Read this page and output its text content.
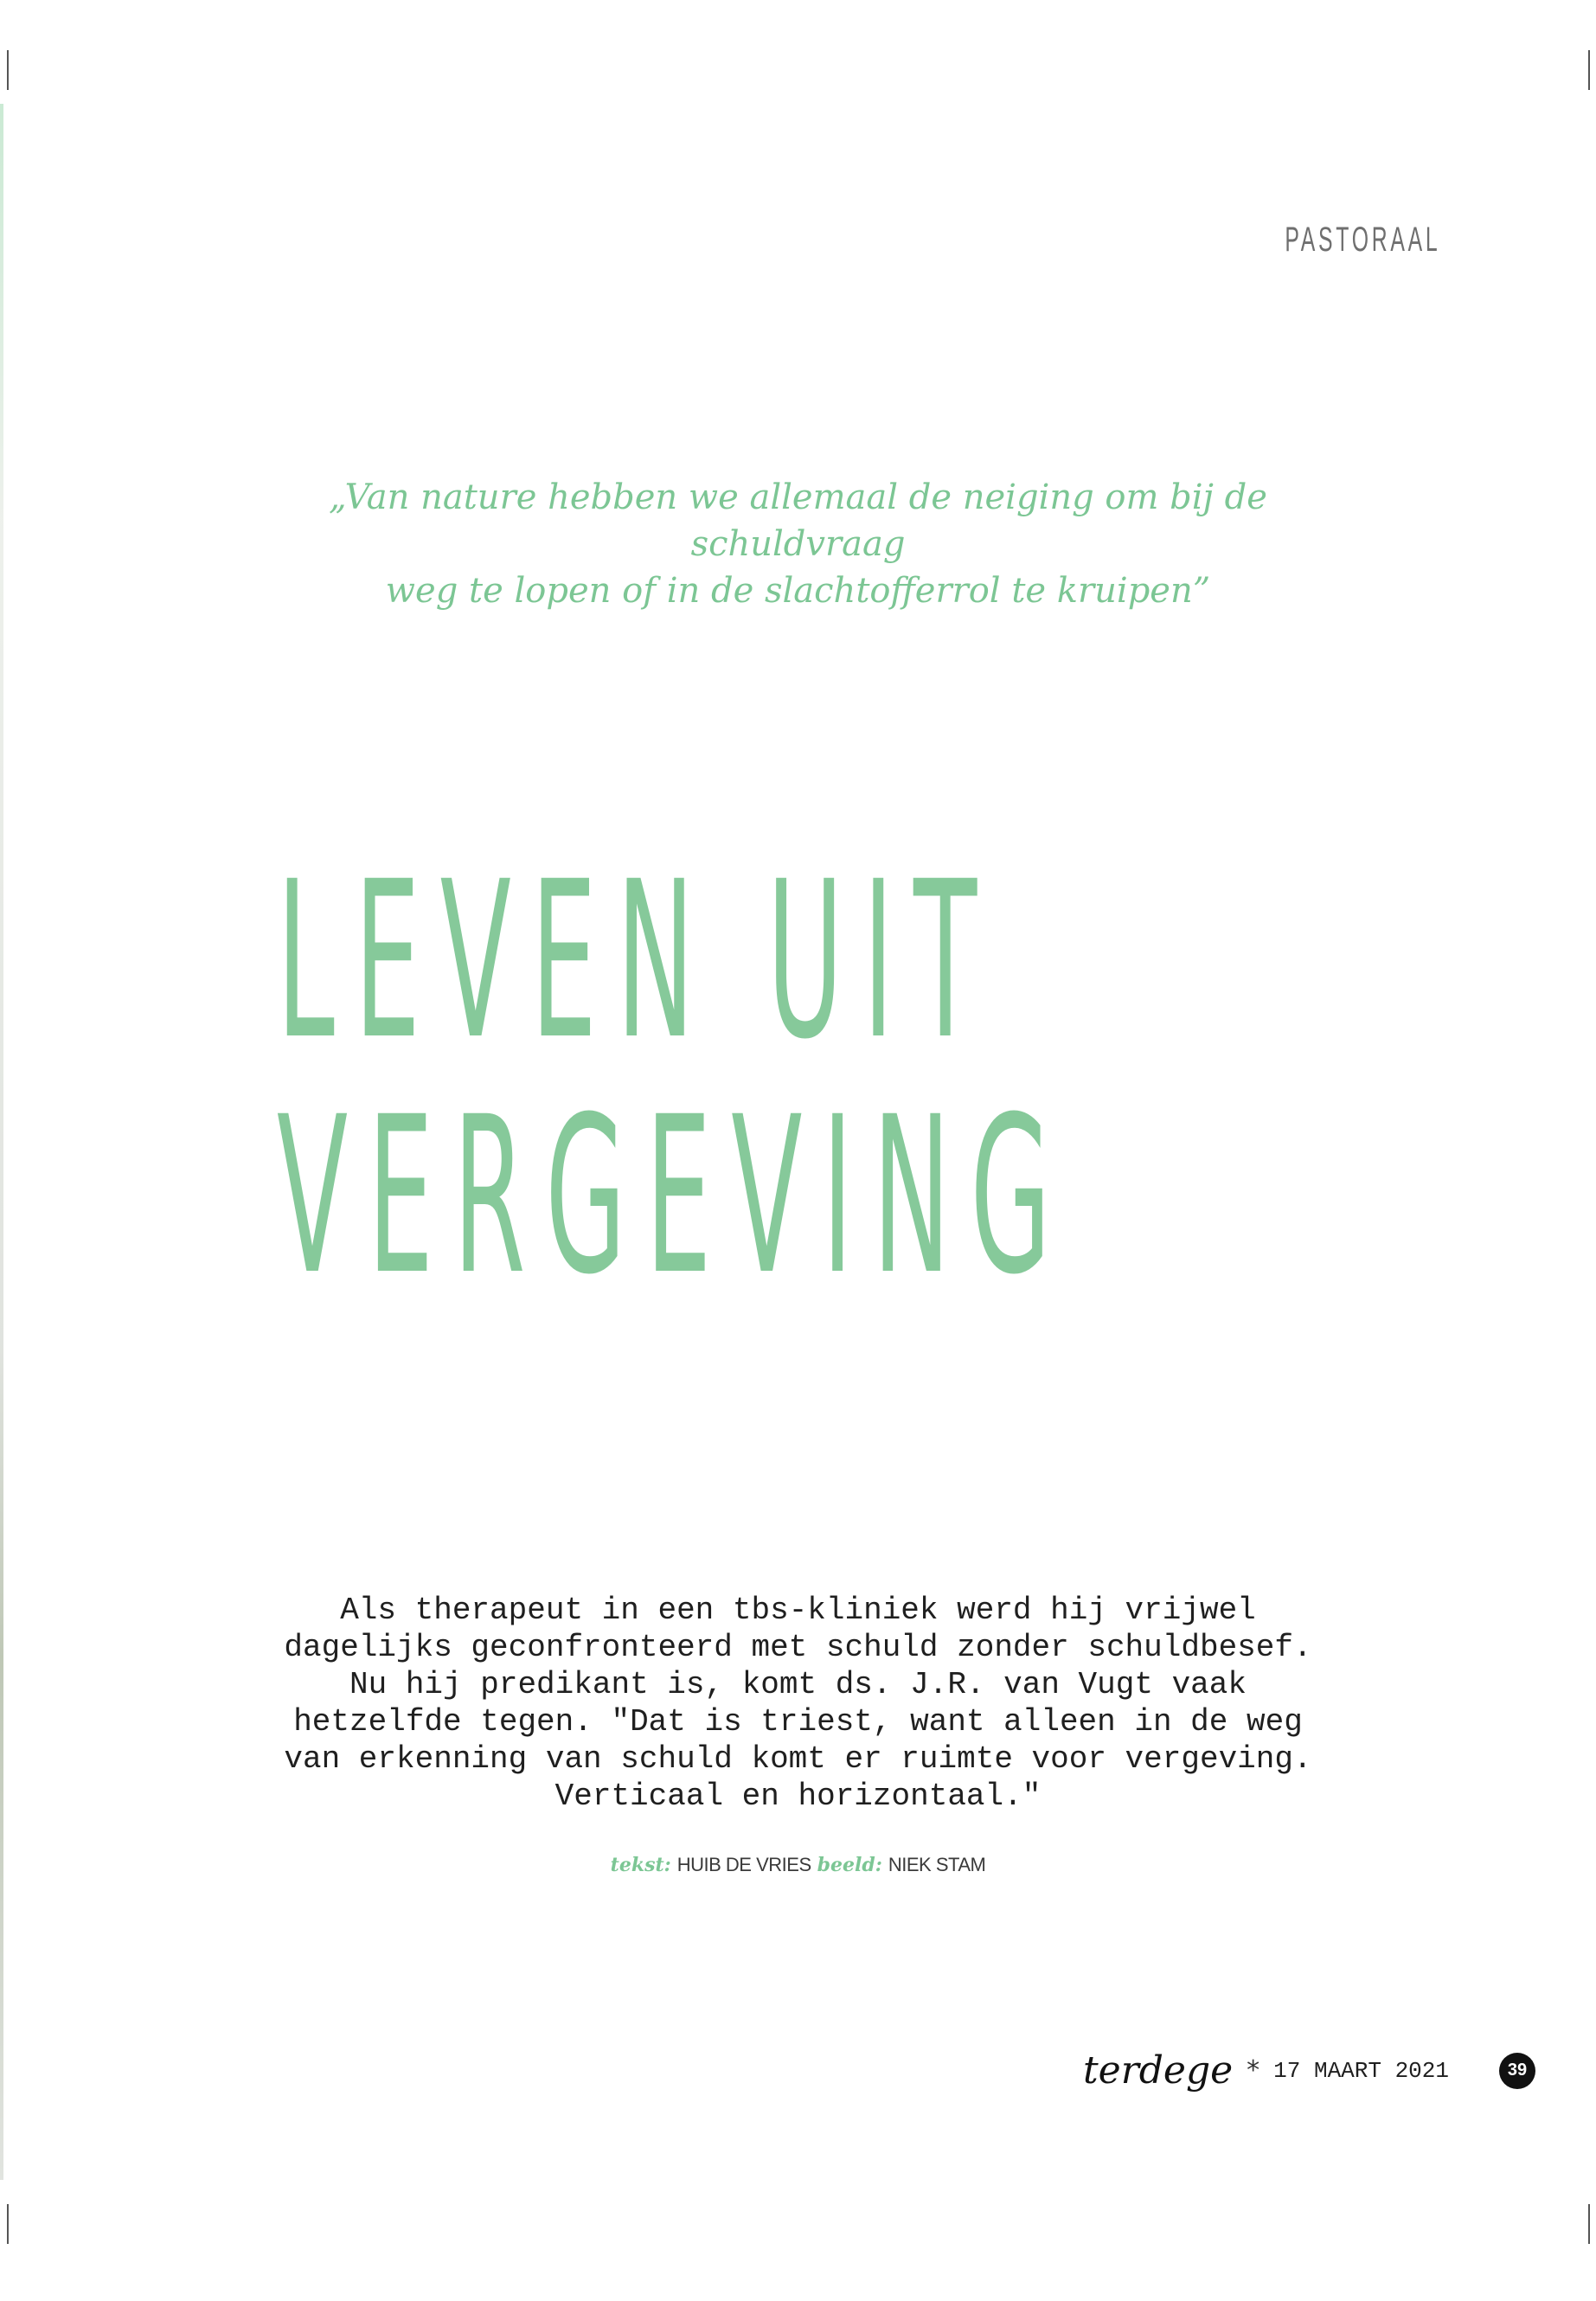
PASTORAAL
„Van nature hebben we allemaal de neiging om bij de schuldvraag
weg te lopen of in de slachtofferrol te kruipen”
LEVEN UIT
VERGEVING

Als therapeut in een tbs-kliniek werd hij vrijwel
dagelijks geconfronteerd met schuld zonder schuldbesef.
Nu hij predikant is, komt ds. J.R. van Vugt vaak
hetzelfde tegen. "Dat is triest, want alleen in de weg
van erkenning van schuld komt er ruimte voor vergeving.
Verticaal en horizontaal."

tekst: HUIB DE VRIES beeld: NIEK STAM
terdege * 17 MAART 2021	39
